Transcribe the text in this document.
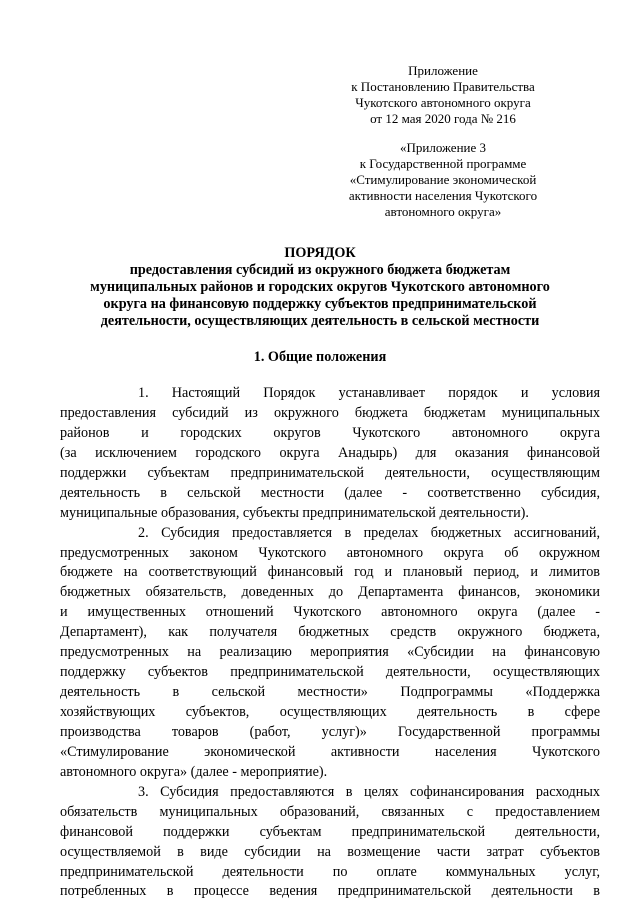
Приложение
к Постановлению Правительства
Чукотского автономного округа
от 12 мая 2020 года № 216
«Приложение 3
к Государственной программе
«Стимулирование экономической
активности населения Чукотского
автономного округа»
ПОРЯДОК
предоставления субсидий из окружного бюджета бюджетам
муниципальных районов и городских округов Чукотского автономного
округа на финансовую поддержку субъектов предпринимательской
деятельности, осуществляющих деятельность в сельской местности
1. Общие положения

1. Настоящий Порядок устанавливает порядок и условия
предоставления субсидий из окружного бюджета бюджетам муниципальных
районов и городских округов Чукотского автономного округа
(за исключением городского округа Анадырь) для оказания финансовой
поддержки субъектам предпринимательской деятельности, осуществляющим
деятельность в сельской местности (далее - соответственно субсидия,
муниципальные образования, субъекты предпринимательской деятельности).

2. Субсидия предоставляется в пределах бюджетных ассигнований,
предусмотренных законом Чукотского автономного округа об окружном
бюджете на соответствующий финансовый год и плановый период, и лимитов
бюджетных обязательств, доведенных до Департамента финансов, экономики
и имущественных отношений Чукотского автономного округа (далее -
Департамент), как получателя бюджетных средств окружного бюджета,
предусмотренных на реализацию мероприятия «Субсидии на финансовую
поддержку субъектов предпринимательской деятельности, осуществляющих
деятельность в сельской местности» Подпрограммы «Поддержка
хозяйствующих субъектов, осуществляющих деятельность в сфере
производства товаров (работ, услуг)» Государственной программы
«Стимулирование экономической активности населения Чукотского
автономного округа» (далее - мероприятие).

3. Субсидия предоставляются в целях софинансирования расходных
обязательств муниципальных образований, связанных с предоставлением
финансовой поддержки субъектам предпринимательской деятельности,
осуществляемой в виде субсидии на возмещение части затрат субъектов
предпринимательской деятельности по оплате коммунальных услуг,
потребленных в процессе ведения предпринимательской деятельности в
